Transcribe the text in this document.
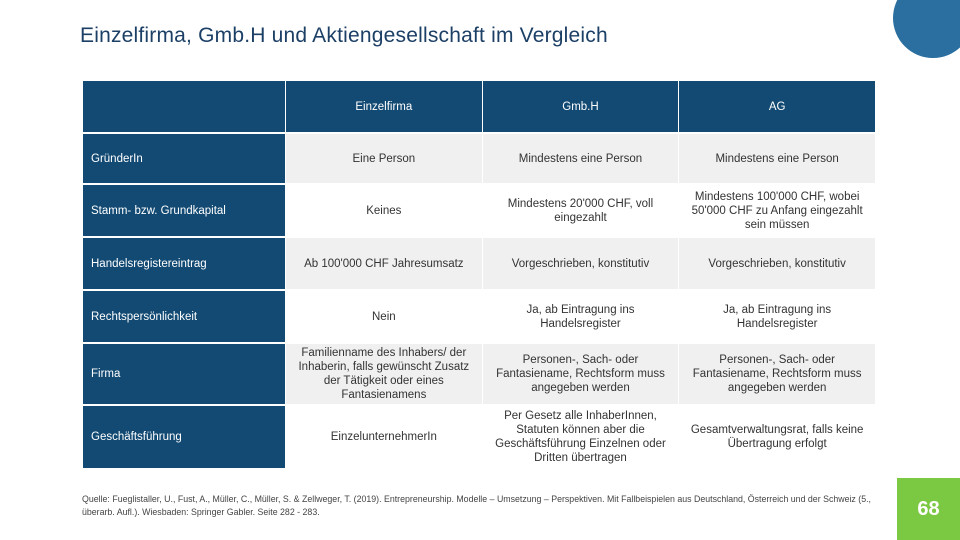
Einzelfirma, Gmb.H und Aktiengesellschaft im Vergleich
	Einzelfirma	Gmb.H	AG
GründerIn	Eine Person	Mindestens eine Person	Mindestens eine Person
Stamm- bzw. Grundkapital	Keines	Mindestens 20'000 CHF, voll eingezahlt	Mindestens 100'000 CHF, wobei 50'000 CHF zu Anfang eingezahlt sein müssen
Handelsregistereintrag	Ab 100'000 CHF Jahresumsatz	Vorgeschrieben, konstitutiv	Vorgeschrieben, konstitutiv
Rechtspersönlichkeit	Nein	Ja, ab Eintragung ins Handelsregister	Ja, ab Eintragung ins Handelsregister
Firma	Familienname des Inhabers/ der Inhaberin, falls gewünscht Zusatz der Tätigkeit oder eines Fantasienamens	Personen-, Sach- oder Fantasiename, Rechtsform muss angegeben werden	Personen-, Sach- oder Fantasiename, Rechtsform muss angegeben werden
Geschäftsführung	EinzelunternehmerIn	Per Gesetz alle InhaberInnen, Statuten können aber die Geschäftsführung Einzelnen oder Dritten übertragen	Gesamtverwaltungsrat, falls keine Übertragung erfolgt
Quelle: Fueglistaller, U., Fust, A., Müller, C., Müller, S. & Zellweger, T. (2019). Entrepreneurship. Modelle – Umsetzung – Perspektiven. Mit Fallbeispielen aus Deutschland, Österreich und der Schweiz (5., überarb. Aufl.). Wiesbaden: Springer Gabler. Seite 282 - 283.	68
